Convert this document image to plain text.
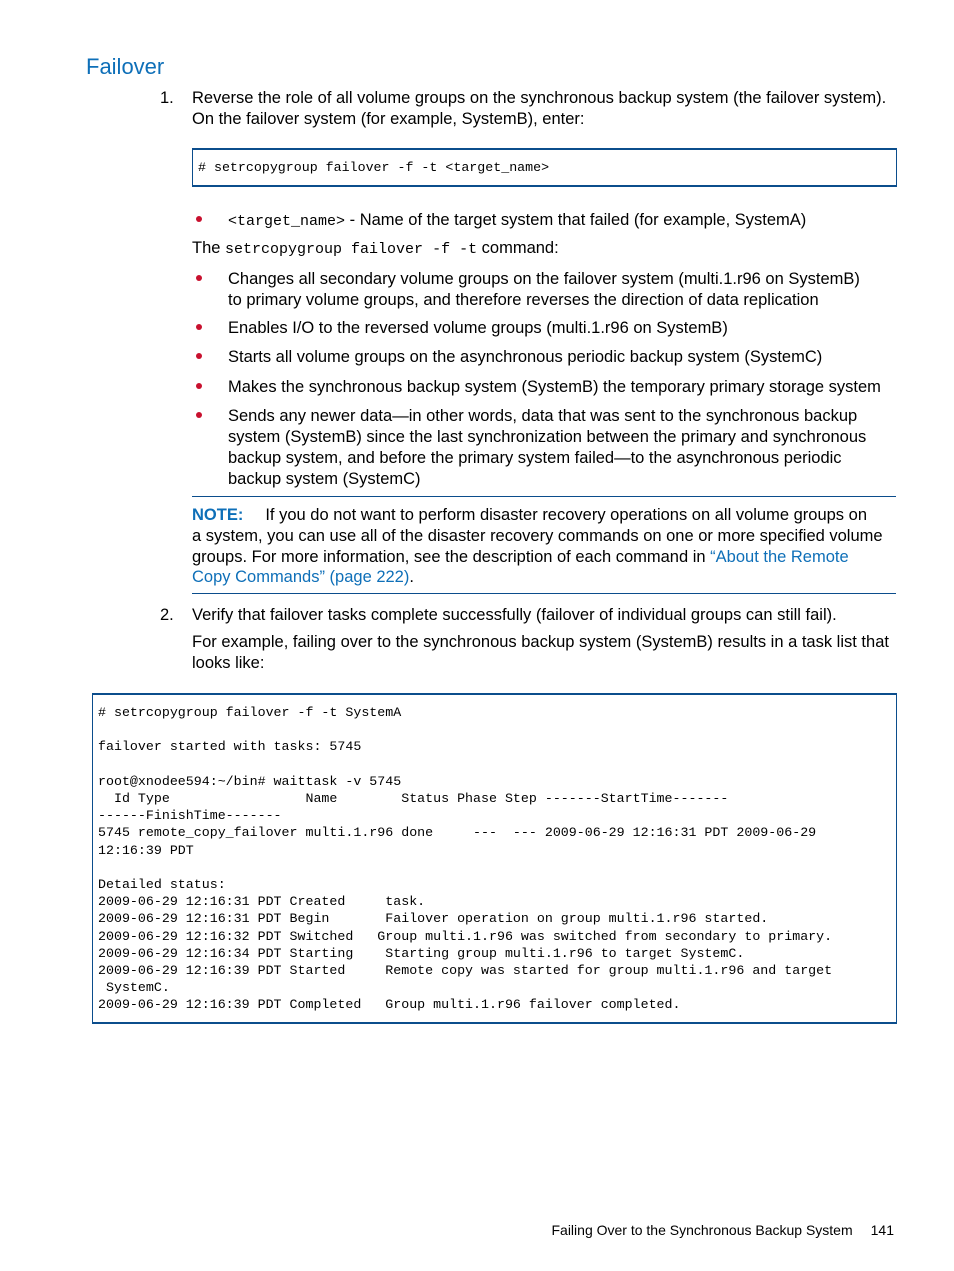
Failover
1. Reverse the role of all volume groups on the synchronous backup system (the failover system).
On the failover system (for example, SystemB), enter:
# setrcopygroup failover -f -t <target_name>
<target_name> - Name of the target system that failed (for example, SystemA)
The setrcopygroup failover -f -t command:
Changes all secondary volume groups on the failover system (multi.1.r96 on SystemB)
to primary volume groups, and therefore reverses the direction of data replication
Enables I/O to the reversed volume groups (multi.1.r96 on SystemB)
Starts all volume groups on the asynchronous periodic backup system (SystemC)
Makes the synchronous backup system (SystemB) the temporary primary storage system
Sends any newer data—in other words, data that was sent to the synchronous backup
system (SystemB) since the last synchronization between the primary and synchronous
backup system, and before the primary system failed—to the asynchronous periodic
backup system (SystemC)
NOTE: If you do not want to perform disaster recovery operations on all volume groups on
a system, you can use all of the disaster recovery commands on one or more specified volume
groups. For more information, see the description of each command in “About the Remote
Copy Commands” (page 222).
2. Verify that failover tasks complete successfully (failover of individual groups can still fail).
For example, failing over to the synchronous backup system (SystemB) results in a task list that
looks like:
# setrcopygroup failover -f -t SystemA

failover started with tasks: 5745

root@xnodee594:~/bin# waittask -v 5745
Id Type                 Name        Status Phase Step -------StartTime-------
------FinishTime-------
5745 remote_copy_failover multi.1.r96 done     ---  --- 2009-06-29 12:16:31 PDT 2009-06-29
12:16:39 PDT

Detailed status:
2009-06-29 12:16:31 PDT Created     task.
2009-06-29 12:16:31 PDT Begin       Failover operation on group multi.1.r96 started.
2009-06-29 12:16:32 PDT Switched   Group multi.1.r96 was switched from secondary to primary.
2009-06-29 12:16:34 PDT Starting    Starting group multi.1.r96 to target SystemC.
2009-06-29 12:16:39 PDT Started     Remote copy was started for group multi.1.r96 and target
SystemC.
2009-06-29 12:16:39 PDT Completed   Group multi.1.r96 failover completed.
Failing Over to the Synchronous Backup System 141
